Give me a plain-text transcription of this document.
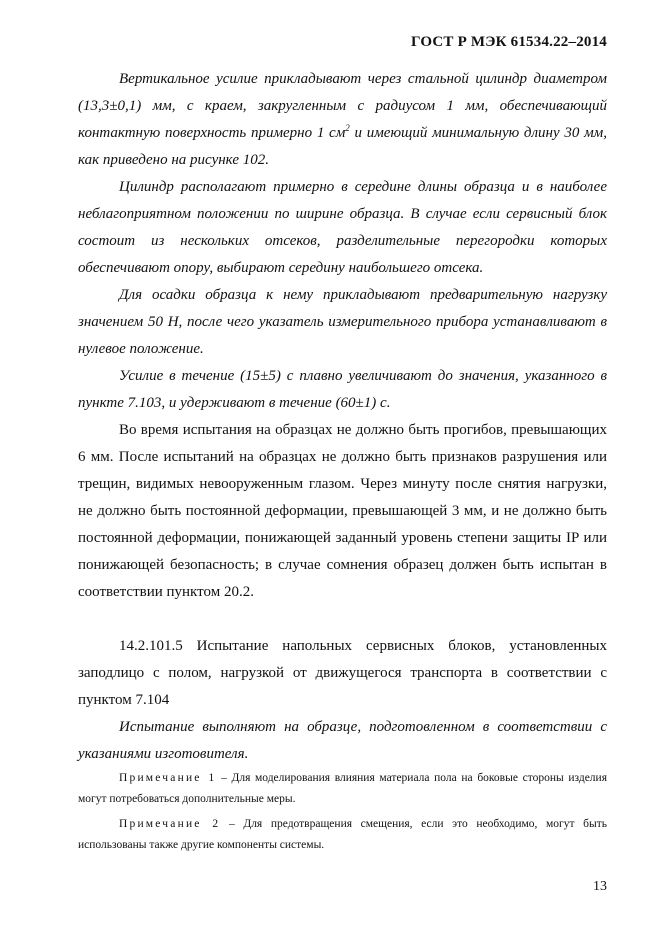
ГОСТ Р МЭК 61534.22–2014

Вертикальное усилие прикладывают через стальной цилиндр диаметром (13,3±0,1) мм, с краем, закругленным с радиусом 1 мм, обеспечивающий контактную поверхность примерно 1 $см^2$ и имеющий минимальную длину 30 мм, как приведено на рисунке 102.

Цилиндр располагают примерно в середине длины образца и в наиболее неблагоприятном положении по ширине образца. В случае если сервисный блок состоит из нескольких отсеков, разделительные перегородки которых обеспечивают опору, выбирают середину наибольшего отсека.

Для осадки образца к нему прикладывают предварительную нагрузку значением 50 Н, после чего указатель измерительного прибора устанавливают в нулевое положение.

Усилие в течение (15±5) с плавно увеличивают до значения, указанного в пункте 7.103, и удерживают в течение (60±1) с.

Во время испытания на образцах не должно быть прогибов, превышающих 6 мм. После испытаний на образцах не должно быть признаков разрушения или трещин, видимых невооруженным глазом. Через минуту после снятия нагрузки, не должно быть постоянной деформации, превышающей 3 мм, и не должно быть постоянной деформации, понижающей заданный уровень степени защиты IP или понижающей безопасность; в случае сомнения образец должен быть испытан в соответствии пунктом 20.2.

14.2.101.5 Испытание напольных сервисных блоков, установленных заподлицо с полом, нагрузкой от движущегося транспорта в соответствии с пунктом 7.104

Испытание выполняют на образце, подготовленном в соответствии с указаниями изготовителя.

Примечание 1 – Для моделирования влияния материала пола на боковые стороны изделия могут потребоваться дополнительные меры.

Примечание 2 – Для предотвращения смещения, если это необходимо, могут быть использованы также другие компоненты системы.

13
